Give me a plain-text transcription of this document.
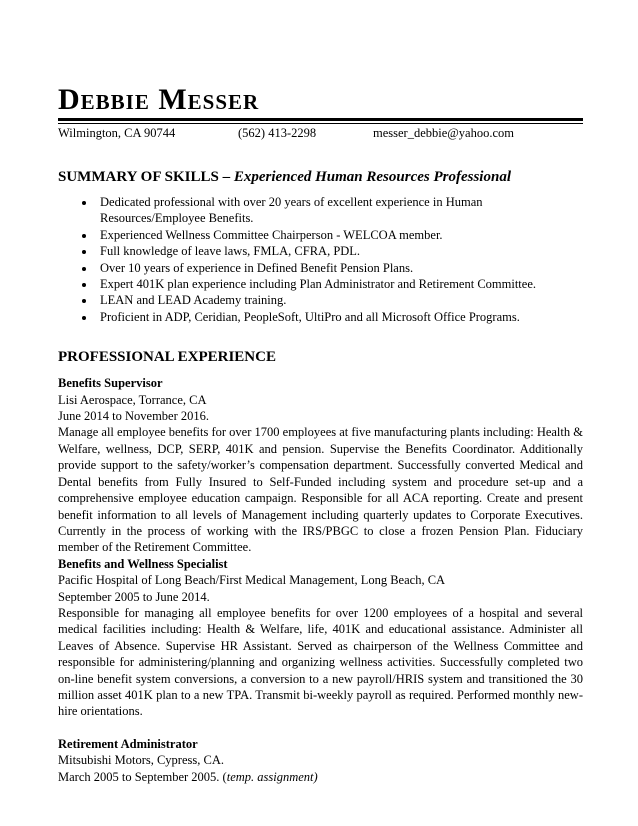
Debbie Messer
Wilmington, CA 90744	(562) 413-2298	messer_debbie@yahoo.com
SUMMARY OF SKILLS – Experienced Human Resources Professional
• Dedicated professional with over 20 years of excellent experience in Human Resources/Employee Benefits.
• Experienced Wellness Committee Chairperson - WELCOA member.
• Full knowledge of leave laws, FMLA, CFRA, PDL.
• Over 10 years of experience in Defined Benefit Pension Plans.
• Expert 401K plan experience including Plan Administrator and Retirement Committee.
• LEAN and LEAD Academy training.
• Proficient in ADP, Ceridian, PeopleSoft, UltiPro and all Microsoft Office Programs.
PROFESSIONAL EXPERIENCE
Benefits Supervisor
Lisi Aerospace, Torrance, CA
June 2014 to November 2016.
Manage all employee benefits for over 1700 employees at five manufacturing plants including: Health & Welfare, wellness, DCP, SERP, 401K and pension. Supervise the Benefits Coordinator. Additionally provide support to the safety/worker’s compensation department. Successfully converted Medical and Dental benefits from Fully Insured to Self-Funded including system and procedure set-up and a comprehensive employee education campaign. Responsible for all ACA reporting. Create and present benefit information to all levels of Management including quarterly updates to Corporate Executives. Currently in the process of working with the IRS/PBGC to close a frozen Pension Plan. Fiduciary member of the Retirement Committee.
Benefits and Wellness Specialist
Pacific Hospital of Long Beach/First Medical Management, Long Beach, CA
September 2005 to June 2014.
Responsible for managing all employee benefits for over 1200 employees of a hospital and several medical facilities including: Health & Welfare, life, 401K and educational assistance. Administer all Leaves of Absence. Supervise HR Assistant. Served as chairperson of the Wellness Committee and responsible for administering/planning and organizing wellness activities. Successfully completed two on-line benefit system conversions, a conversion to a new payroll/HRIS system and transitioned the 30 million asset 401K plan to a new TPA. Transmit bi-weekly payroll as required. Performed monthly new-hire orientations.
Retirement Administrator
Mitsubishi Motors, Cypress, CA.
March 2005 to September 2005. (temp. assignment)
